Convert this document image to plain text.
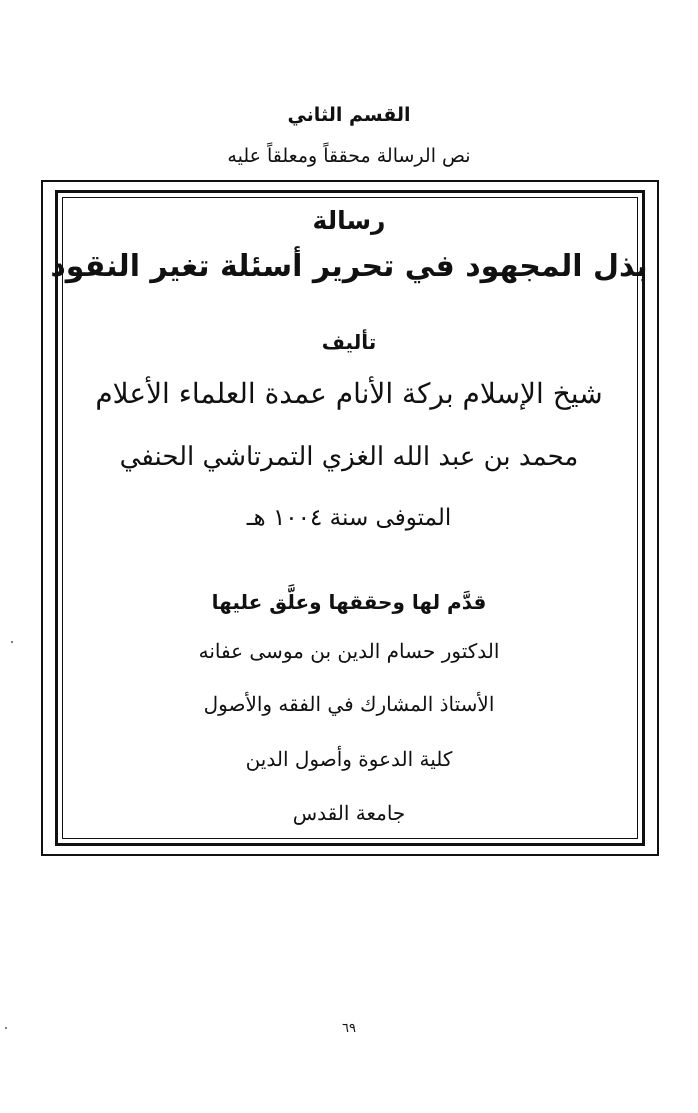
القسم الثاني
نص الرسالة محققاً ومعلقاً عليه
رسالة
بذل المجهود في تحرير أسئلة تغير النقود
تأليف
شيخ الإسلام بركة الأنام عمدة العلماء الأعلام
محمد بن عبد الله الغزي التمرتاشي الحنفي
المتوفى سنة ١٠٠٤ هـ
قدَّم لها وحققها وعلَّق عليها
الدكتور حسام الدين بن موسى عفانه
الأستاذ المشارك في الفقه والأصول
كلية الدعوة وأصول الدين
جامعة القدس
٦٩
